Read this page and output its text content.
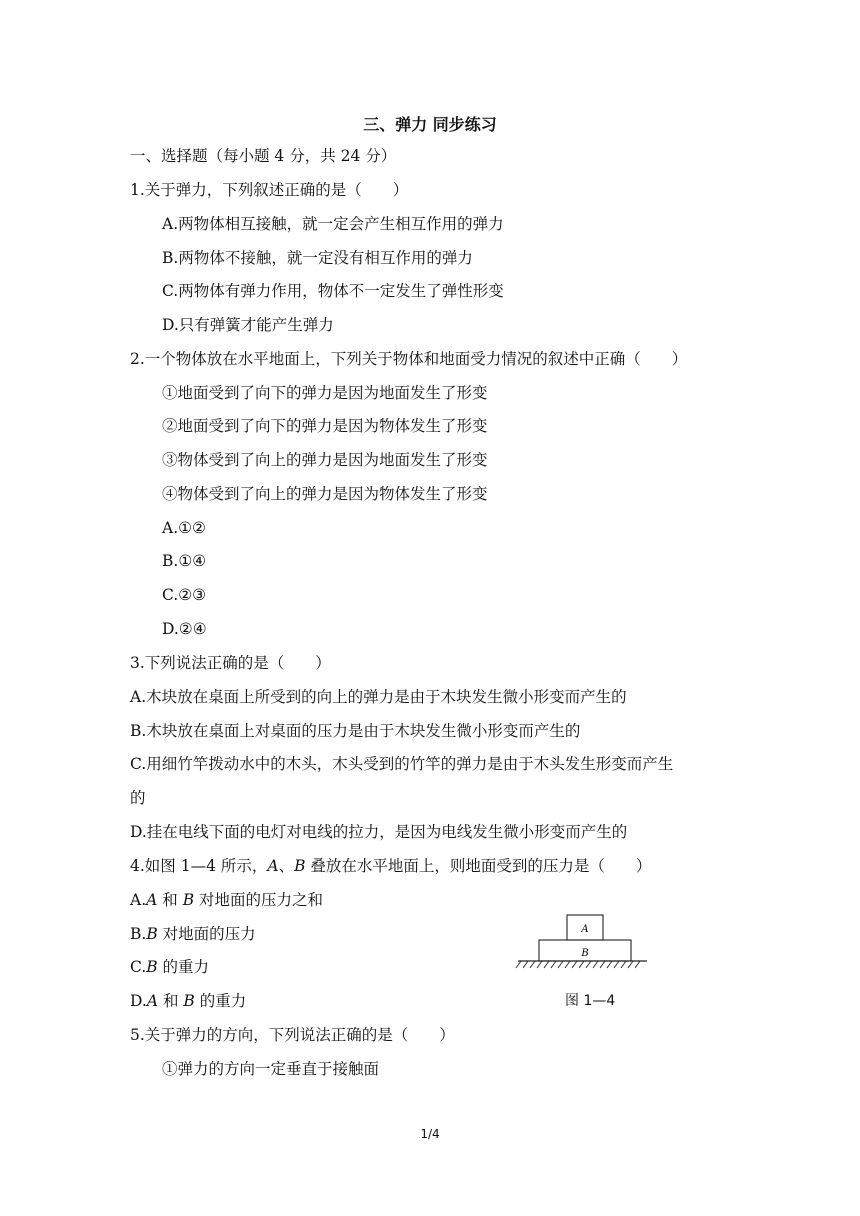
三、弹力 同步练习
一、选择题（每小题 4 分，共 24 分）
1.关于弹力，下列叙述正确的是（　　）
A.两物体相互接触，就一定会产生相互作用的弹力
B.两物体不接触，就一定没有相互作用的弹力
C.两物体有弹力作用，物体不一定发生了弹性形变
D.只有弹簧才能产生弹力
2.一个物体放在水平地面上，下列关于物体和地面受力情况的叙述中正确（　　）
①地面受到了向下的弹力是因为地面发生了形变
②地面受到了向下的弹力是因为物体发生了形变
③物体受到了向上的弹力是因为地面发生了形变
④物体受到了向上的弹力是因为物体发生了形变
A.①②
B.①④
C.②③
D.②④
3.下列说法正确的是（　　）
A.木块放在桌面上所受到的向上的弹力是由于木块发生微小形变而产生的
B.木块放在桌面上对桌面的压力是由于木块发生微小形变而产生的
C.用细竹竿拨动水中的木头，木头受到的竹竿的弹力是由于木头发生形变而产生
的
D.挂在电线下面的电灯对电线的拉力，是因为电线发生微小形变而产生的
4.如图 1—4 所示，A、B 叠放在水平地面上，则地面受到的压力是（　　）
A.A 和 B 对地面的压力之和
B.B 对地面的压力
C.B 的重力
D.A 和 B 的重力
A
B
图 1—4
5.关于弹力的方向，下列说法正确的是（　　）
①弹力的方向一定垂直于接触面
1/4
